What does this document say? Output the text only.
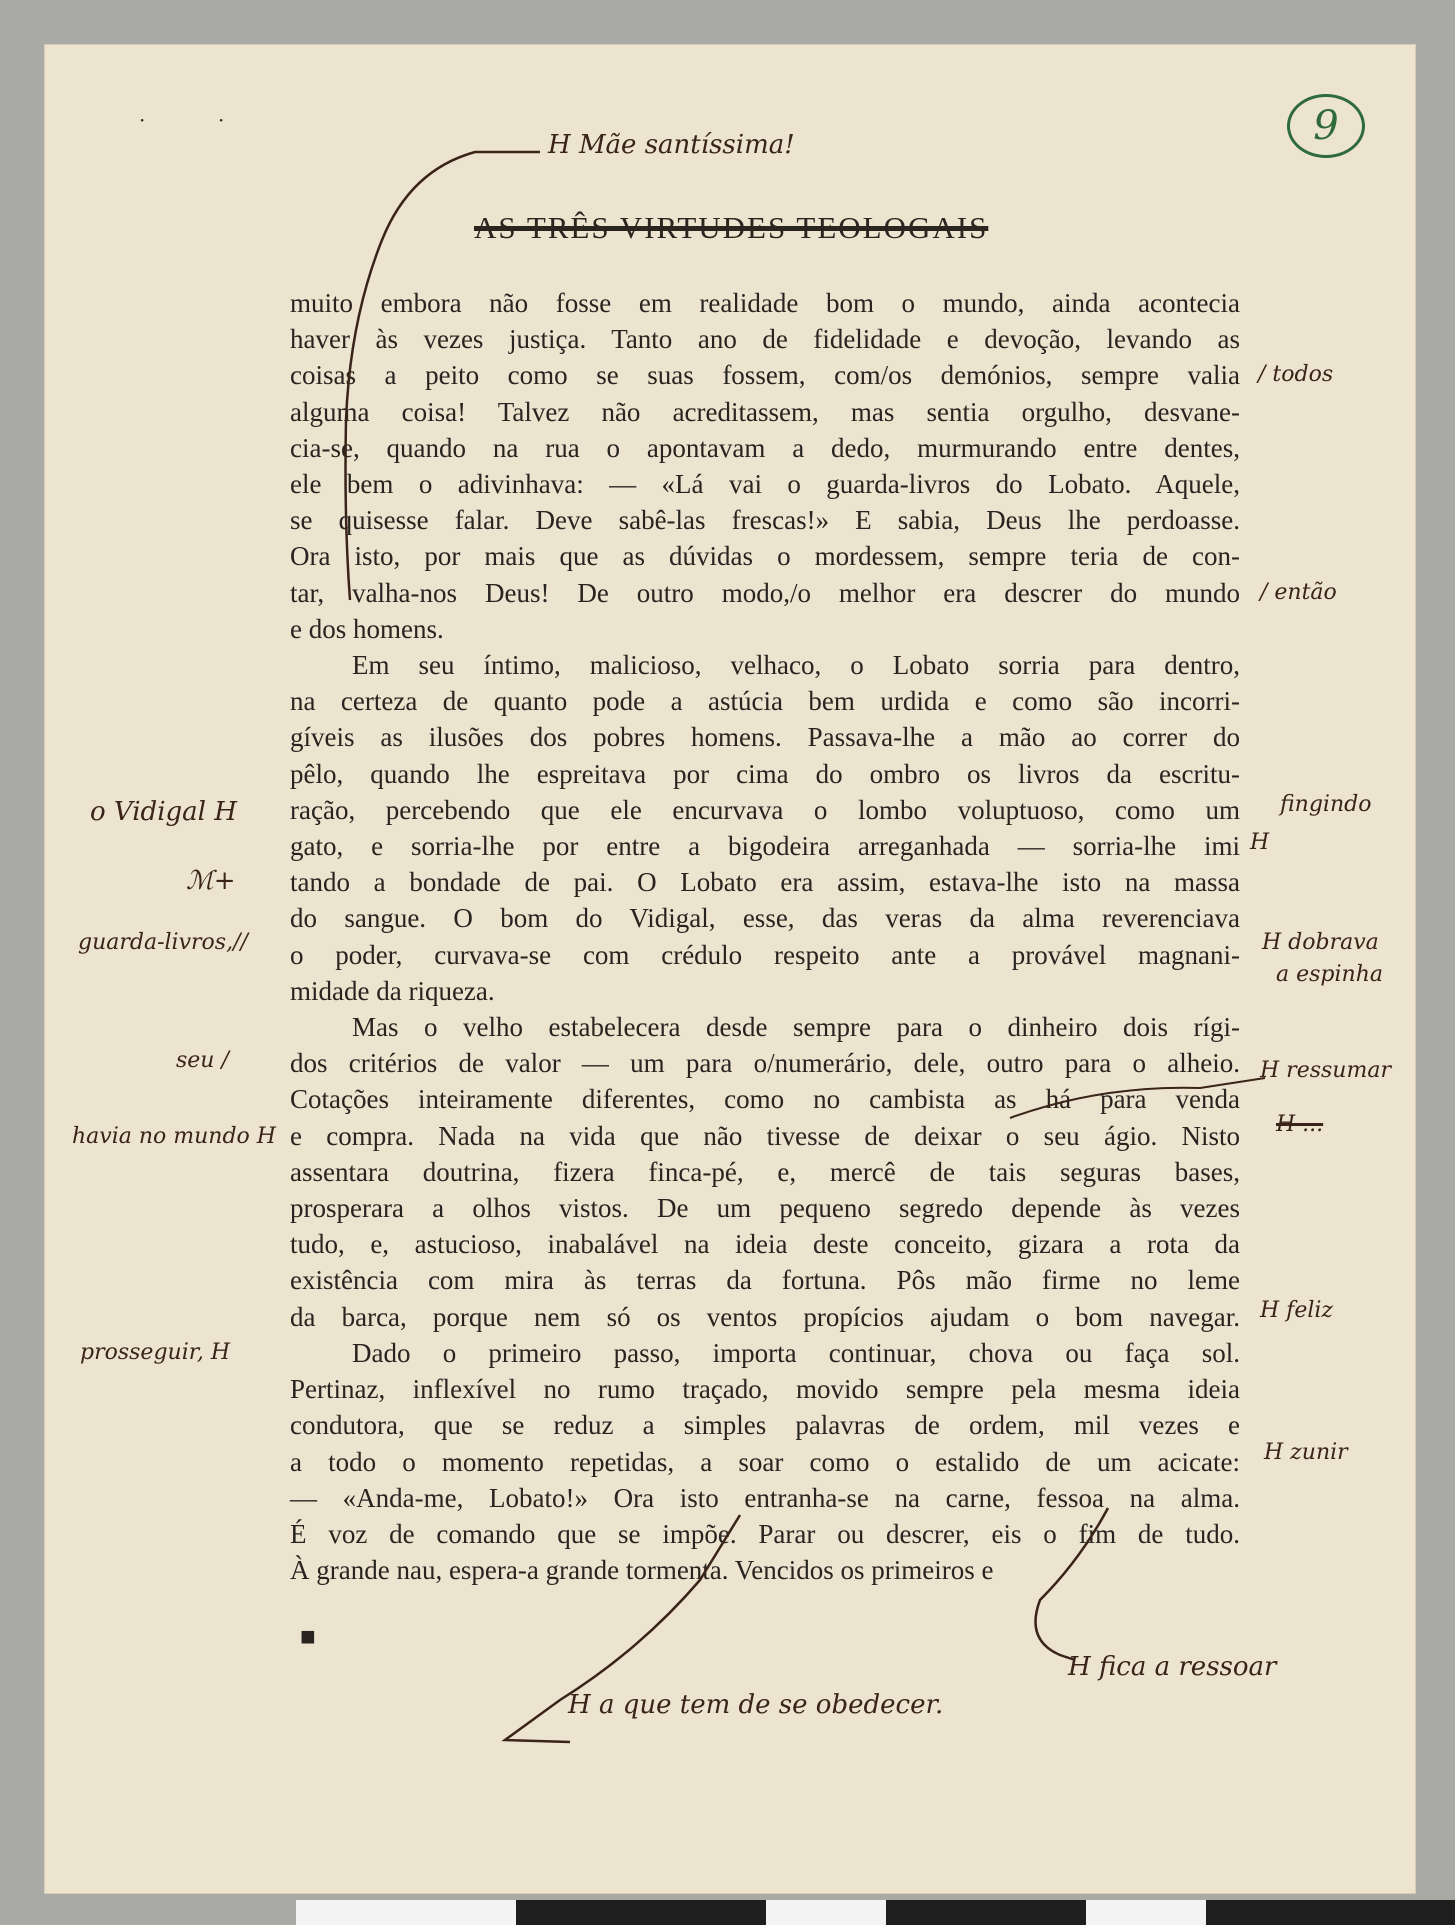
·	·	9
AS TRÊS VIRTUDES TEOLOGAIS
muito embora não fosse em realidade bom o mundo, ainda acontecia
haver às vezes justiça. Tanto ano de fidelidade e devoção, levando as
coisas a peito como se suas fossem, com/os demónios, sempre valia
alguma coisa! Talvez não acreditassem, mas sentia orgulho, desvane-
cia-se, quando na rua o apontavam a dedo, murmurando entre dentes,
ele bem o adivinhava: — «Lá vai o guarda-livros do Lobato. Aquele,
se quisesse falar. Deve sabê-las frescas!» E sabia, Deus lhe perdoasse.
Ora isto, por mais que as dúvidas o mordessem, sempre teria de con-
tar, valha-nos Deus! De outro modo,/o melhor era descrer do mundo
e dos homens.
Em seu íntimo, malicioso, velhaco, o Lobato sorria para dentro,
na certeza de quanto pode a astúcia bem urdida e como são incorri-
gíveis as ilusões dos pobres homens. Passava-lhe a mão ao correr do
pêlo, quando lhe espreitava por cima do ombro os livros da escritu-
ração, percebendo que ele encurvava o lombo voluptuoso, como um
gato, e sorria-lhe por entre a bigodeira arreganhada — sorria-lhe imi
tando a bondade de pai. O Lobato era assim, estava-lhe isto na massa
do sangue. O bom do Vidigal, esse, das veras da alma reverenciava
o poder, curvava-se com crédulo respeito ante a provável magnani-
midade da riqueza.
Mas o velho estabelecera desde sempre para o dinheiro dois rígi-
dos critérios de valor — um para o/numerário, dele, outro para o alheio.
Cotações inteiramente diferentes, como no cambista as há para venda
e compra. Nada na vida que não tivesse de deixar o seu ágio. Nisto
assentara doutrina, fizera finca-pé, e, mercê de tais seguras bases,
prosperara a olhos vistos. De um pequeno segredo depende às vezes
tudo, e, astucioso, inabalável na ideia deste conceito, gizara a rota da
existência com mira às terras da fortuna. Pôs mão firme no leme
da barca, porque nem só os ventos propícios ajudam o bom navegar.
Dado o primeiro passo, importa continuar, chova ou faça sol.
Pertinaz, inflexível no rumo traçado, movido sempre pela mesma ideia
condutora, que se reduz a simples palavras de ordem, mil vezes e
a todo o momento repetidas, a soar como o estalido de um acicate:
— «Anda-me, Lobato!» Ora isto entranha-se na carne, fessoa na alma.
É voz de comando que se impõe. Parar ou descrer, eis o fim de tudo.
À grande nau, espera-a grande tormenta. Vencidos os primeiros e
H Mãe santíssima!
/ todos
/ então
o Vidigal H
ℳ+
guarda-livros,//
seu /
havia no mundo H
prosseguir, H
fingindo
H
H dobrava
a espinha
H ressumar
H ...
H feliz
H zunir
H fica a ressoar
H a que tem de se obedecer.
■
